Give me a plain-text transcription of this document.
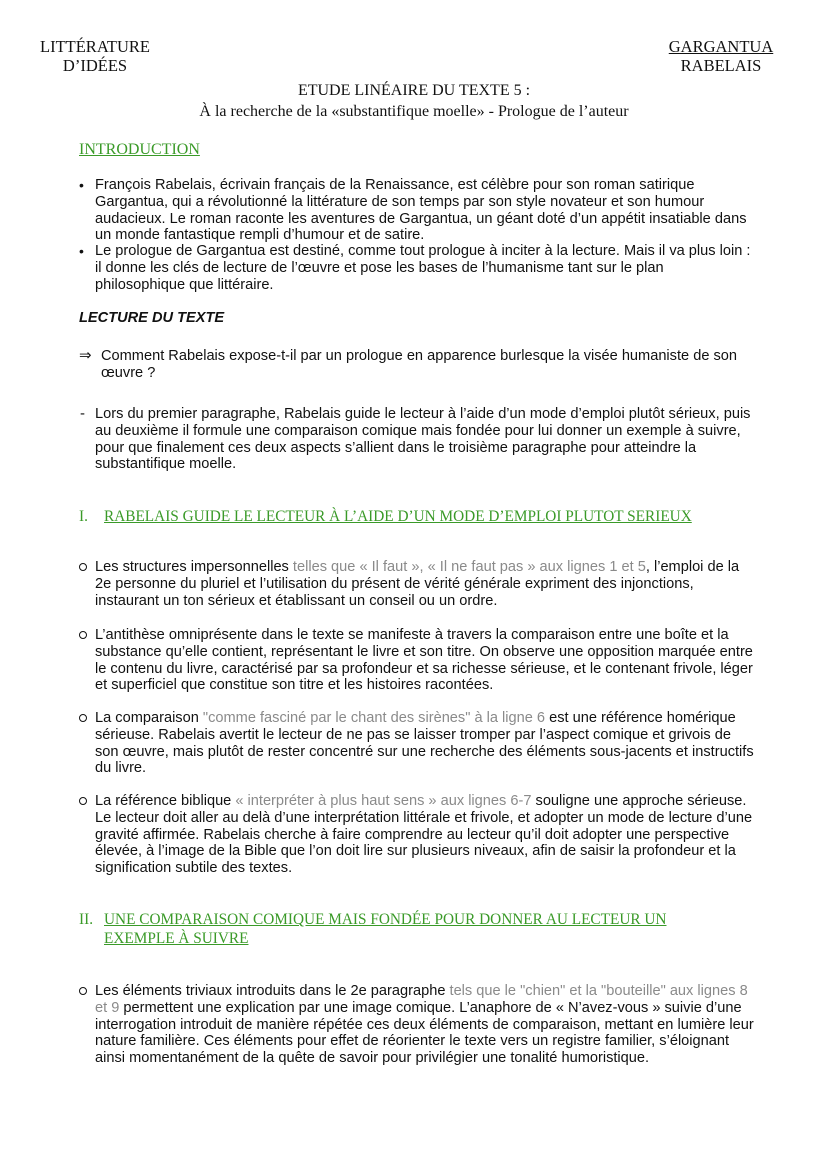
LITTÉRATURE
D’IDÉES
GARGANTUA
RABELAIS
ETUDE LINÉAIRE DU TEXTE 5 :
À la recherche de la «substantifique moelle» - Prologue de l’auteur
INTRODUCTION
• François Rabelais, écrivain français de la Renaissance, est célèbre pour son roman satirique Gargantua, qui a révolutionné la littérature de son temps par son style novateur et son humour audacieux. Le roman raconte les aventures de Gargantua, un géant doté d’un appétit insatiable dans un monde fantastique rempli d’humour et de satire.
• Le prologue de Gargantua est destiné, comme tout prologue à inciter à la lecture. Mais il va plus loin : il donne les clés de lecture de l’œuvre et pose les bases de l’humanisme tant sur le plan philosophique que littéraire.
LECTURE DU TEXTE
⇒ Comment Rabelais expose-t-il par un prologue en apparence burlesque la visée humaniste de son œuvre ?
- Lors du premier paragraphe, Rabelais guide le lecteur à l’aide d’un mode d’emploi plutôt sérieux, puis au deuxième il formule une comparaison comique mais fondée pour lui donner un exemple à suivre, pour que finalement ces deux aspects s’allient dans le troisième paragraphe pour atteindre la substantifique moelle.
I. RABELAIS GUIDE LE LECTEUR À L’AIDE D’UN MODE D’EMPLOI PLUTOT SERIEUX
Les structures impersonnelles telles que « Il faut », « Il ne faut pas » aux lignes 1 et 5, l’emploi de la 2e personne du pluriel et l’utilisation du présent de vérité générale expriment des injonctions, instaurant un ton sérieux et établissant un conseil ou un ordre.
L’antithèse omniprésente dans le texte se manifeste à travers la comparaison entre une boîte et la substance qu’elle contient, représentant le livre et son titre. On observe une opposition marquée entre le contenu du livre, caractérisé par sa profondeur et sa richesse sérieuse, et le contenant frivole, léger et superficiel que constitue son titre et les histoires racontées.
La comparaison "comme fasciné par le chant des sirènes" à la ligne 6 est une référence homérique sérieuse. Rabelais avertit le lecteur de ne pas se laisser tromper par l’aspect comique et grivois de son œuvre, mais plutôt de rester concentré sur une recherche des éléments sous-jacents et instructifs du livre.
La référence biblique « interpréter à plus haut sens » aux lignes 6-7 souligne une approche sérieuse. Le lecteur doit aller au delà d’une interprétation littérale et frivole, et adopter un mode de lecture d’une gravité affirmée. Rabelais cherche à faire comprendre au lecteur qu’il doit adopter une perspective élevée, à l’image de la Bible que l’on doit lire sur plusieurs niveaux, afin de saisir la profondeur et la signification subtile des textes.
II. UNE COMPARAISON COMIQUE MAIS FONDÉE POUR DONNER AU LECTEUR UN
EXEMPLE À SUIVRE
Les éléments triviaux introduits dans le 2e paragraphe tels que le "chien" et la "bouteille" aux lignes 8 et 9 permettent une explication par une image comique. L’anaphore de « N’avez-vous » suivie d’une interrogation introduit de manière répétée ces deux éléments de comparaison, mettant en lumière leur nature familière. Ces éléments pour effet de réorienter le texte vers un registre familier, s’éloignant ainsi momentanément de la quête de savoir pour privilégier une tonalité humoristique.
